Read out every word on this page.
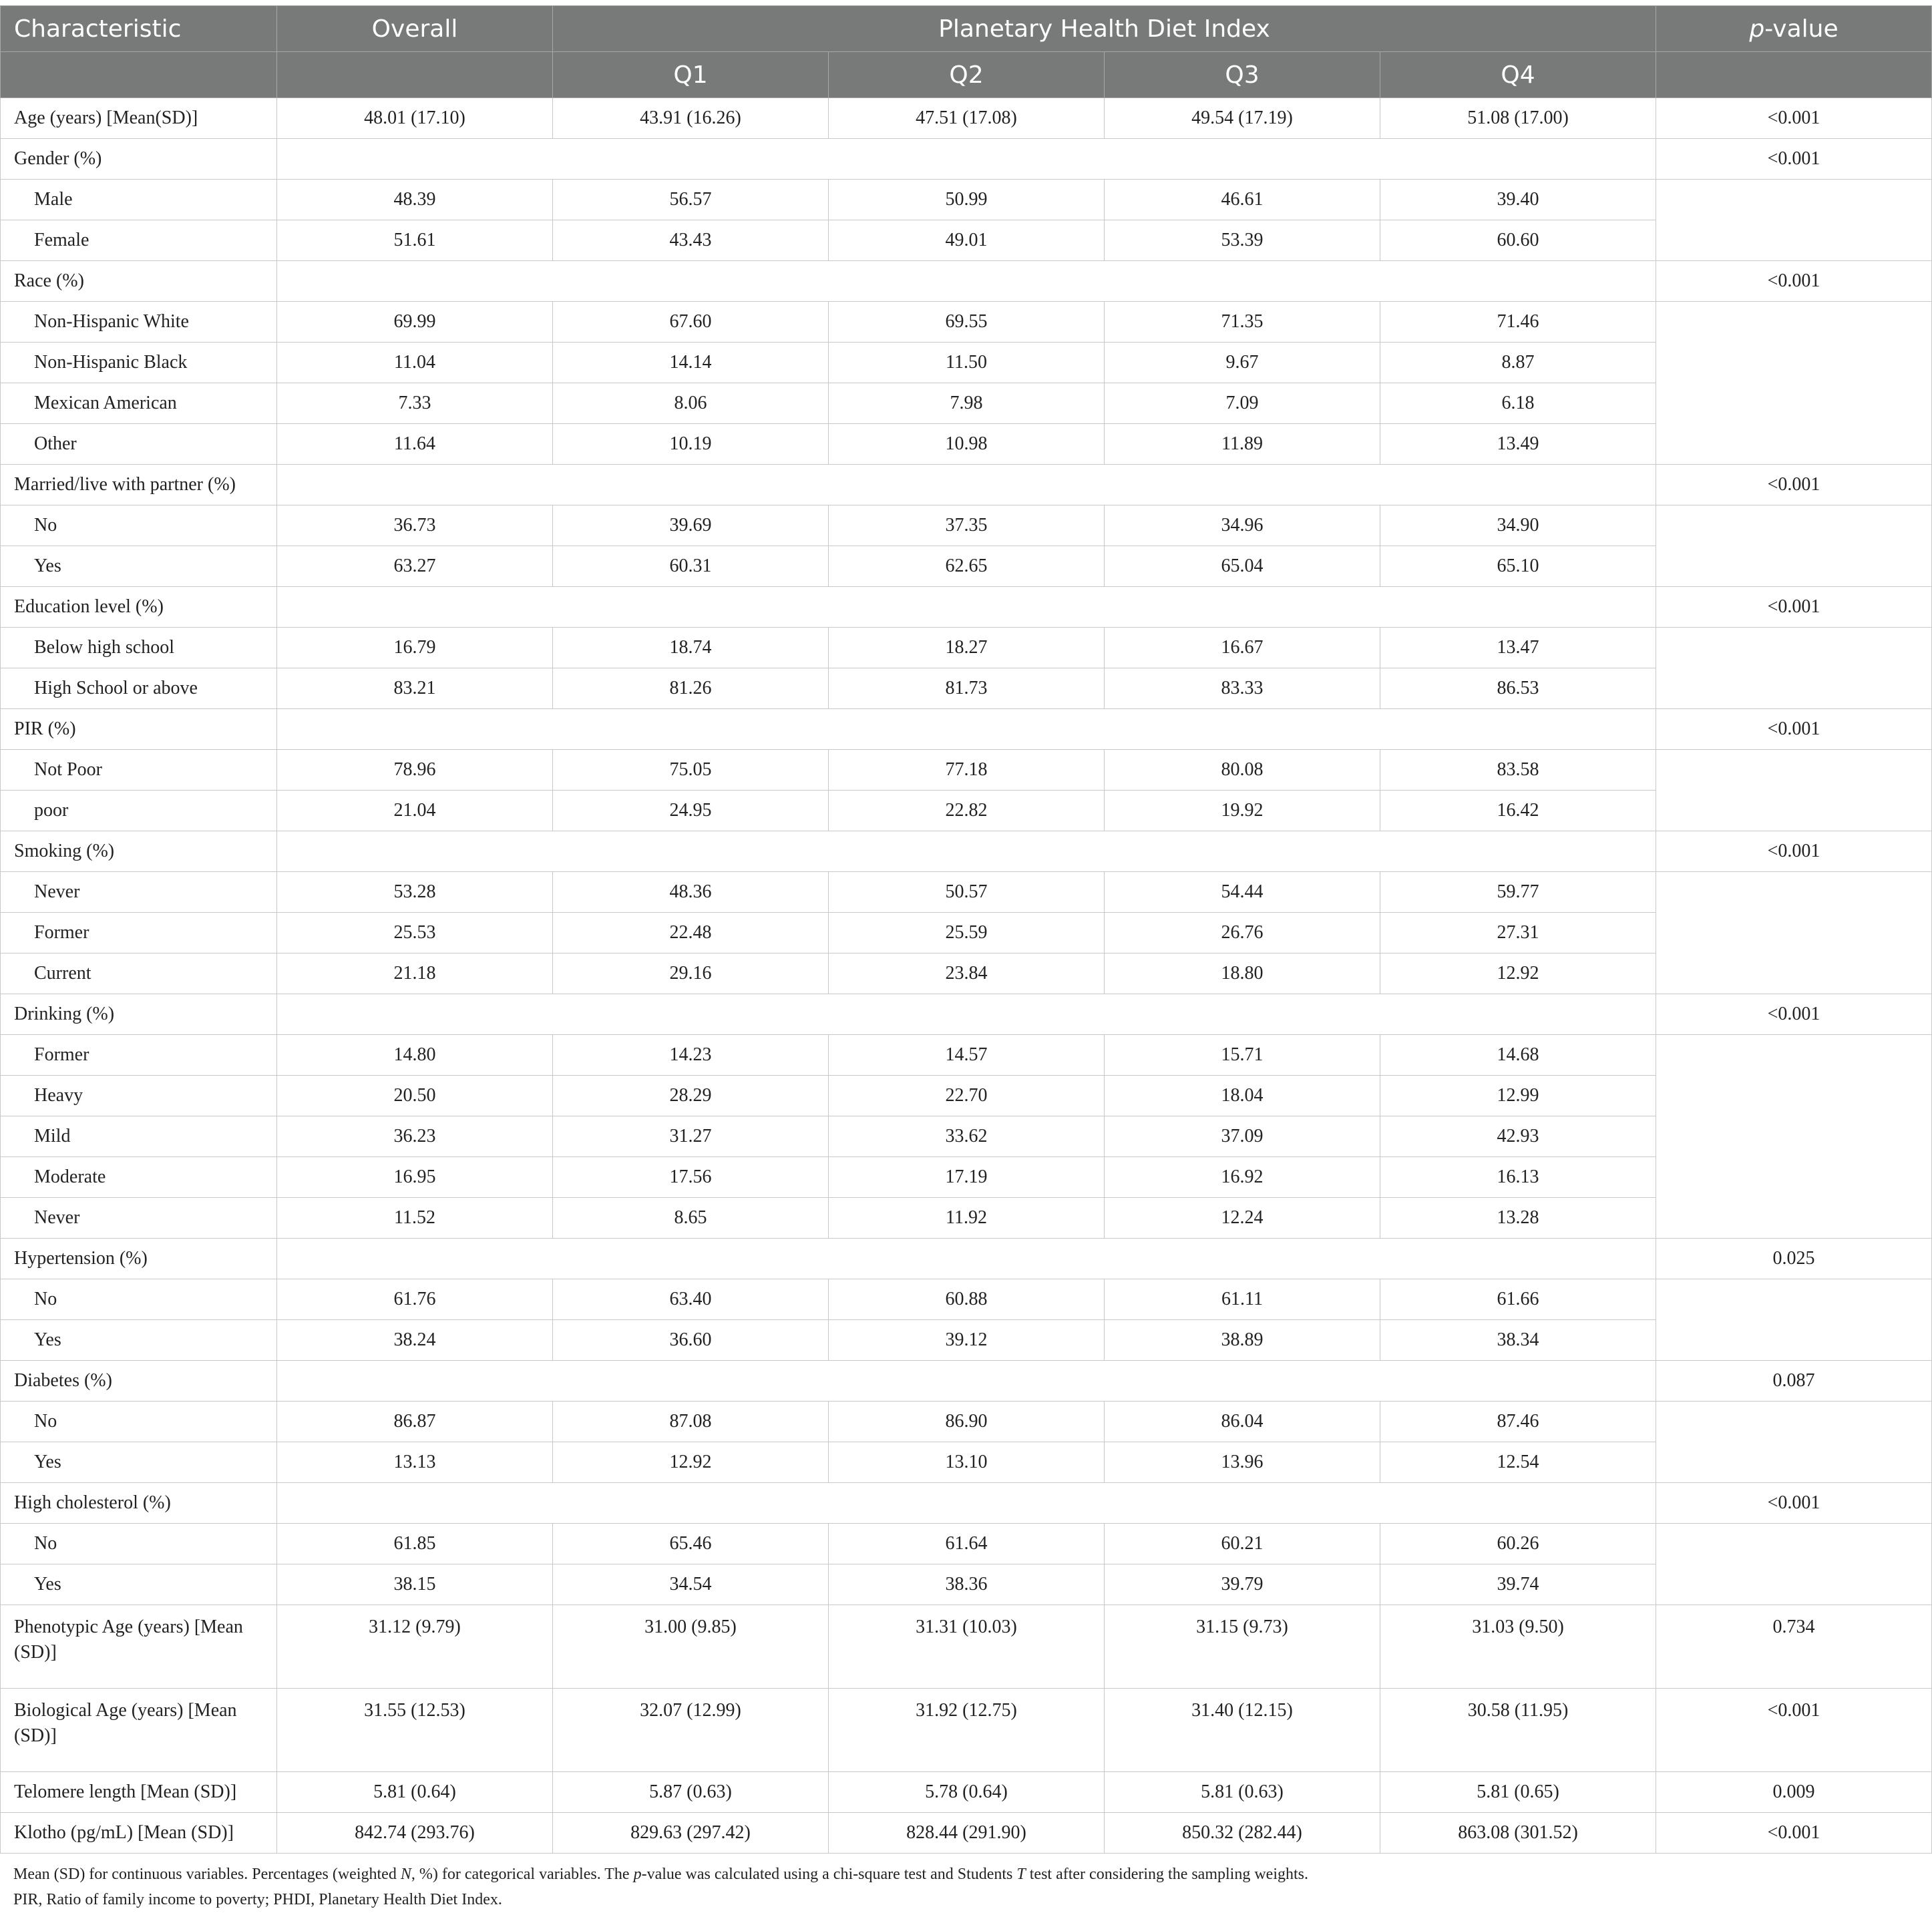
Characteristic	Overall	Planetary Health Diet Index				p-value
		Q1	Q2	Q3	Q4	
Age (years) [Mean(SD)]	48.01 (17.10)	43.91 (16.26)	47.51 (17.08)	49.54 (17.19)	51.08 (17.00)	<0.001
Gender (%)						<0.001
Male	48.39	56.57	50.99	46.61	39.40	
Female	51.61	43.43	49.01	53.39	60.60	
Race (%)						<0.001
Non-Hispanic White	69.99	67.60	69.55	71.35	71.46	
Non-Hispanic Black	11.04	14.14	11.50	9.67	8.87	
Mexican American	7.33	8.06	7.98	7.09	6.18	
Other	11.64	10.19	10.98	11.89	13.49	
Married/live with partner (%)						<0.001
No	36.73	39.69	37.35	34.96	34.90	
Yes	63.27	60.31	62.65	65.04	65.10	
Education level (%)						<0.001
Below high school	16.79	18.74	18.27	16.67	13.47	
High School or above	83.21	81.26	81.73	83.33	86.53	
PIR (%)						<0.001
Not Poor	78.96	75.05	77.18	80.08	83.58	
poor	21.04	24.95	22.82	19.92	16.42	
Smoking (%)						<0.001
Never	53.28	48.36	50.57	54.44	59.77	
Former	25.53	22.48	25.59	26.76	27.31	
Current	21.18	29.16	23.84	18.80	12.92	
Drinking (%)						<0.001
Former	14.80	14.23	14.57	15.71	14.68	
Heavy	20.50	28.29	22.70	18.04	12.99	
Mild	36.23	31.27	33.62	37.09	42.93	
Moderate	16.95	17.56	17.19	16.92	16.13	
Never	11.52	8.65	11.92	12.24	13.28	
Hypertension (%)						0.025
No	61.76	63.40	60.88	61.11	61.66	
Yes	38.24	36.60	39.12	38.89	38.34	
Diabetes (%)						0.087
No	86.87	87.08	86.90	86.04	87.46	
Yes	13.13	12.92	13.10	13.96	12.54	
High cholesterol (%)						<0.001
No	61.85	65.46	61.64	60.21	60.26	
Yes	38.15	34.54	38.36	39.79	39.74	
Phenotypic Age (years) [Mean (SD)]	31.12 (9.79)	31.00 (9.85)	31.31 (10.03)	31.15 (9.73)	31.03 (9.50)	0.734
Biological Age (years) [Mean (SD)]	31.55 (12.53)	32.07 (12.99)	31.92 (12.75)	31.40 (12.15)	30.58 (11.95)	<0.001
Telomere length [Mean (SD)]	5.81 (0.64)	5.87 (0.63)	5.78 (0.64)	5.81 (0.63)	5.81 (0.65)	0.009
Klotho (pg/mL) [Mean (SD)]	842.74 (293.76)	829.63 (297.42)	828.44 (291.90)	850.32 (282.44)	863.08 (301.52)	<0.001
Mean (SD) for continuous variables. Percentages (weighted N, %) for categorical variables. The p-value was calculated using a chi-square test and Students T test after considering the sampling weights.
PIR, Ratio of family income to poverty; PHDI, Planetary Health Diet Index.
